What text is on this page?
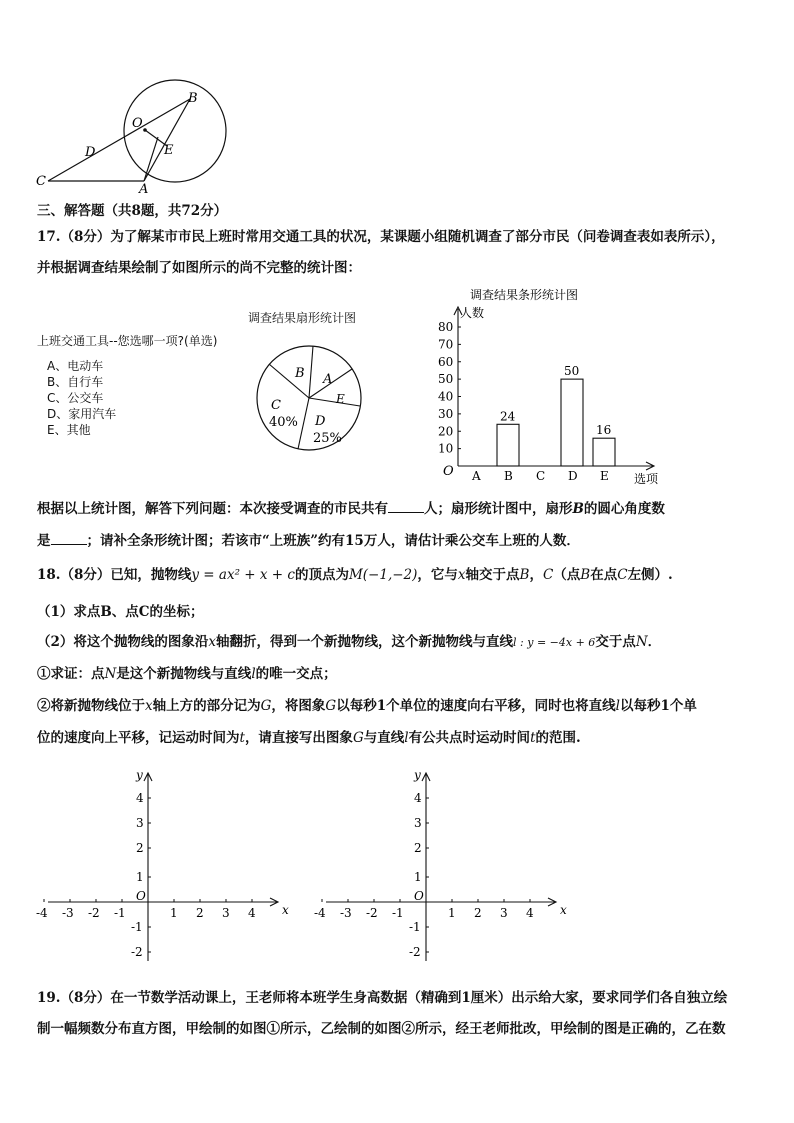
O
B
D	E
C
A
三、解答题（共8题，共72分）
17.（8分）为了解某市市民上班时常用交通工具的状况，某课题小组随机调查了部分市民（问卷调查表如表所示），
并根据调查结果绘制了如图所示的尚不完整的统计图：
上班交通工具--您选哪一项?(单选)
A、电动车
B、自行车
C、公交车
D、家用汽车
E、其他
调查结果扇形统计图
B A
E
C
40% D
25%
调查结果条形统计图
人数
选项
O
10
20
30
40
50
60
70
80
A B
24
C D
50
E
16
根据以上统计图，解答下列问题：本次接受调查的市民共有	人；扇形统计图中，扇形B的圆心角度数
是	；请补全条形统计图；若该市“上班族”约有15万人，请估计乘公交车上班的人数．
18.（8分）已知，抛物线y = ax² + x + c的顶点为M(−1,−2)，它与x轴交于点B，C（点B在点C左侧）.
（1）求点B、点C的坐标；
（2）将这个抛物线的图象沿x轴翻折，得到一个新抛物线，这个新抛物线与直线l : y = −4x + 6交于点N．
①求证：点N是这个新抛物线与直线l的唯一交点；
②将新抛物线位于x轴上方的部分记为G，将图象G以每秒1个单位的速度向右平移，同时也将直线l以每秒1个单
位的速度向上平移，记运动时间为t，请直接写出图象G与直线l有公共点时运动时间t的范围.
x
y
O
-4 -3 -2 -1	1 2 3 4
4
3
2
1
-1
-2
x
y
O
-4 -3 -2 -1	1 2 3 4
4
3
2
1
-1
-2
19.（8分）在一节数学活动课上，王老师将本班学生身高数据（精确到1厘米）出示给大家，要求同学们各自独立绘
制一幅频数分布直方图，甲绘制的如图①所示，乙绘制的如图②所示，经王老师批改，甲绘制的图是正确的，乙在数
